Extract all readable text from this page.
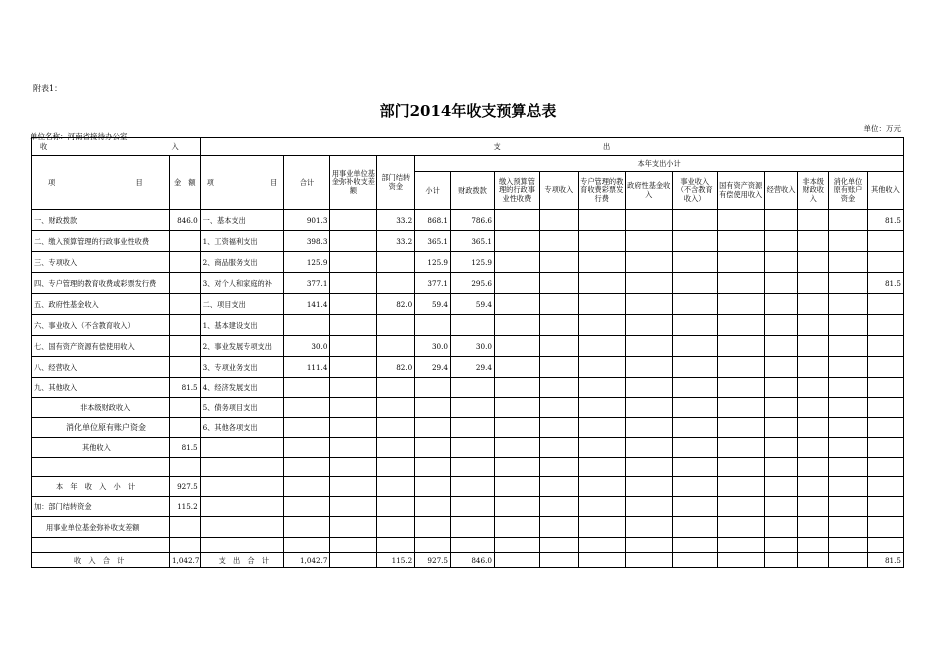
附表1：
部门2014年收支预算总表
单位名称：河南省接待办公室
单位：万元
收 入		支 出															
项 目	金　额	项 目	合计	用事业单位基金弥补收支差额	部门结转资金	本年支出小计											
						小计	财政拨款	缴入预算管理的行政事业性收费	专项收入	专户管理的教育收费彩票发行费	政府性基金收入	事业收入（不含教育收入）	国有资产资源有偿使用收入	经营收入	非本级财政收入	消化单位原有账户资金	其他收入
一、财政拨款	846.0	一、基本支出	901.3		33.2	868.1	786.6										81.5
二、缴入预算管理的行政事业性收费		1、工资福利支出	398.3		33.2	365.1	365.1										
三、专项收入		2、商品服务支出	125.9			125.9	125.9										
四、专户管理的教育收费或彩票发行费		3、对个人和家庭的补	377.1			377.1	295.6										81.5
五、政府性基金收入		二、项目支出	141.4		82.0	59.4	59.4										
六、事业收入（不含教育收入）		1、基本建设支出															
七、国有资产资源有偿使用收入		2、事业发展专项支出	30.0			30.0	30.0										
八、经营收入		3、专项业务支出	111.4		82.0	29.4	29.4										
九、其他收入	81.5	4、经济发展支出															
非本级财政收入		5、债务项目支出															
消化单位原有账户资金		6、其他各项支出															
其他收入	81.5																

本　年　收　入　小　计	927.5																
加：部门结转资金	115.2																
用事业单位基金弥补收支差额																	

收　入　合　计	1,042.7	支　出　合　计	1,042.7		115.2	927.5	846.0										81.5
